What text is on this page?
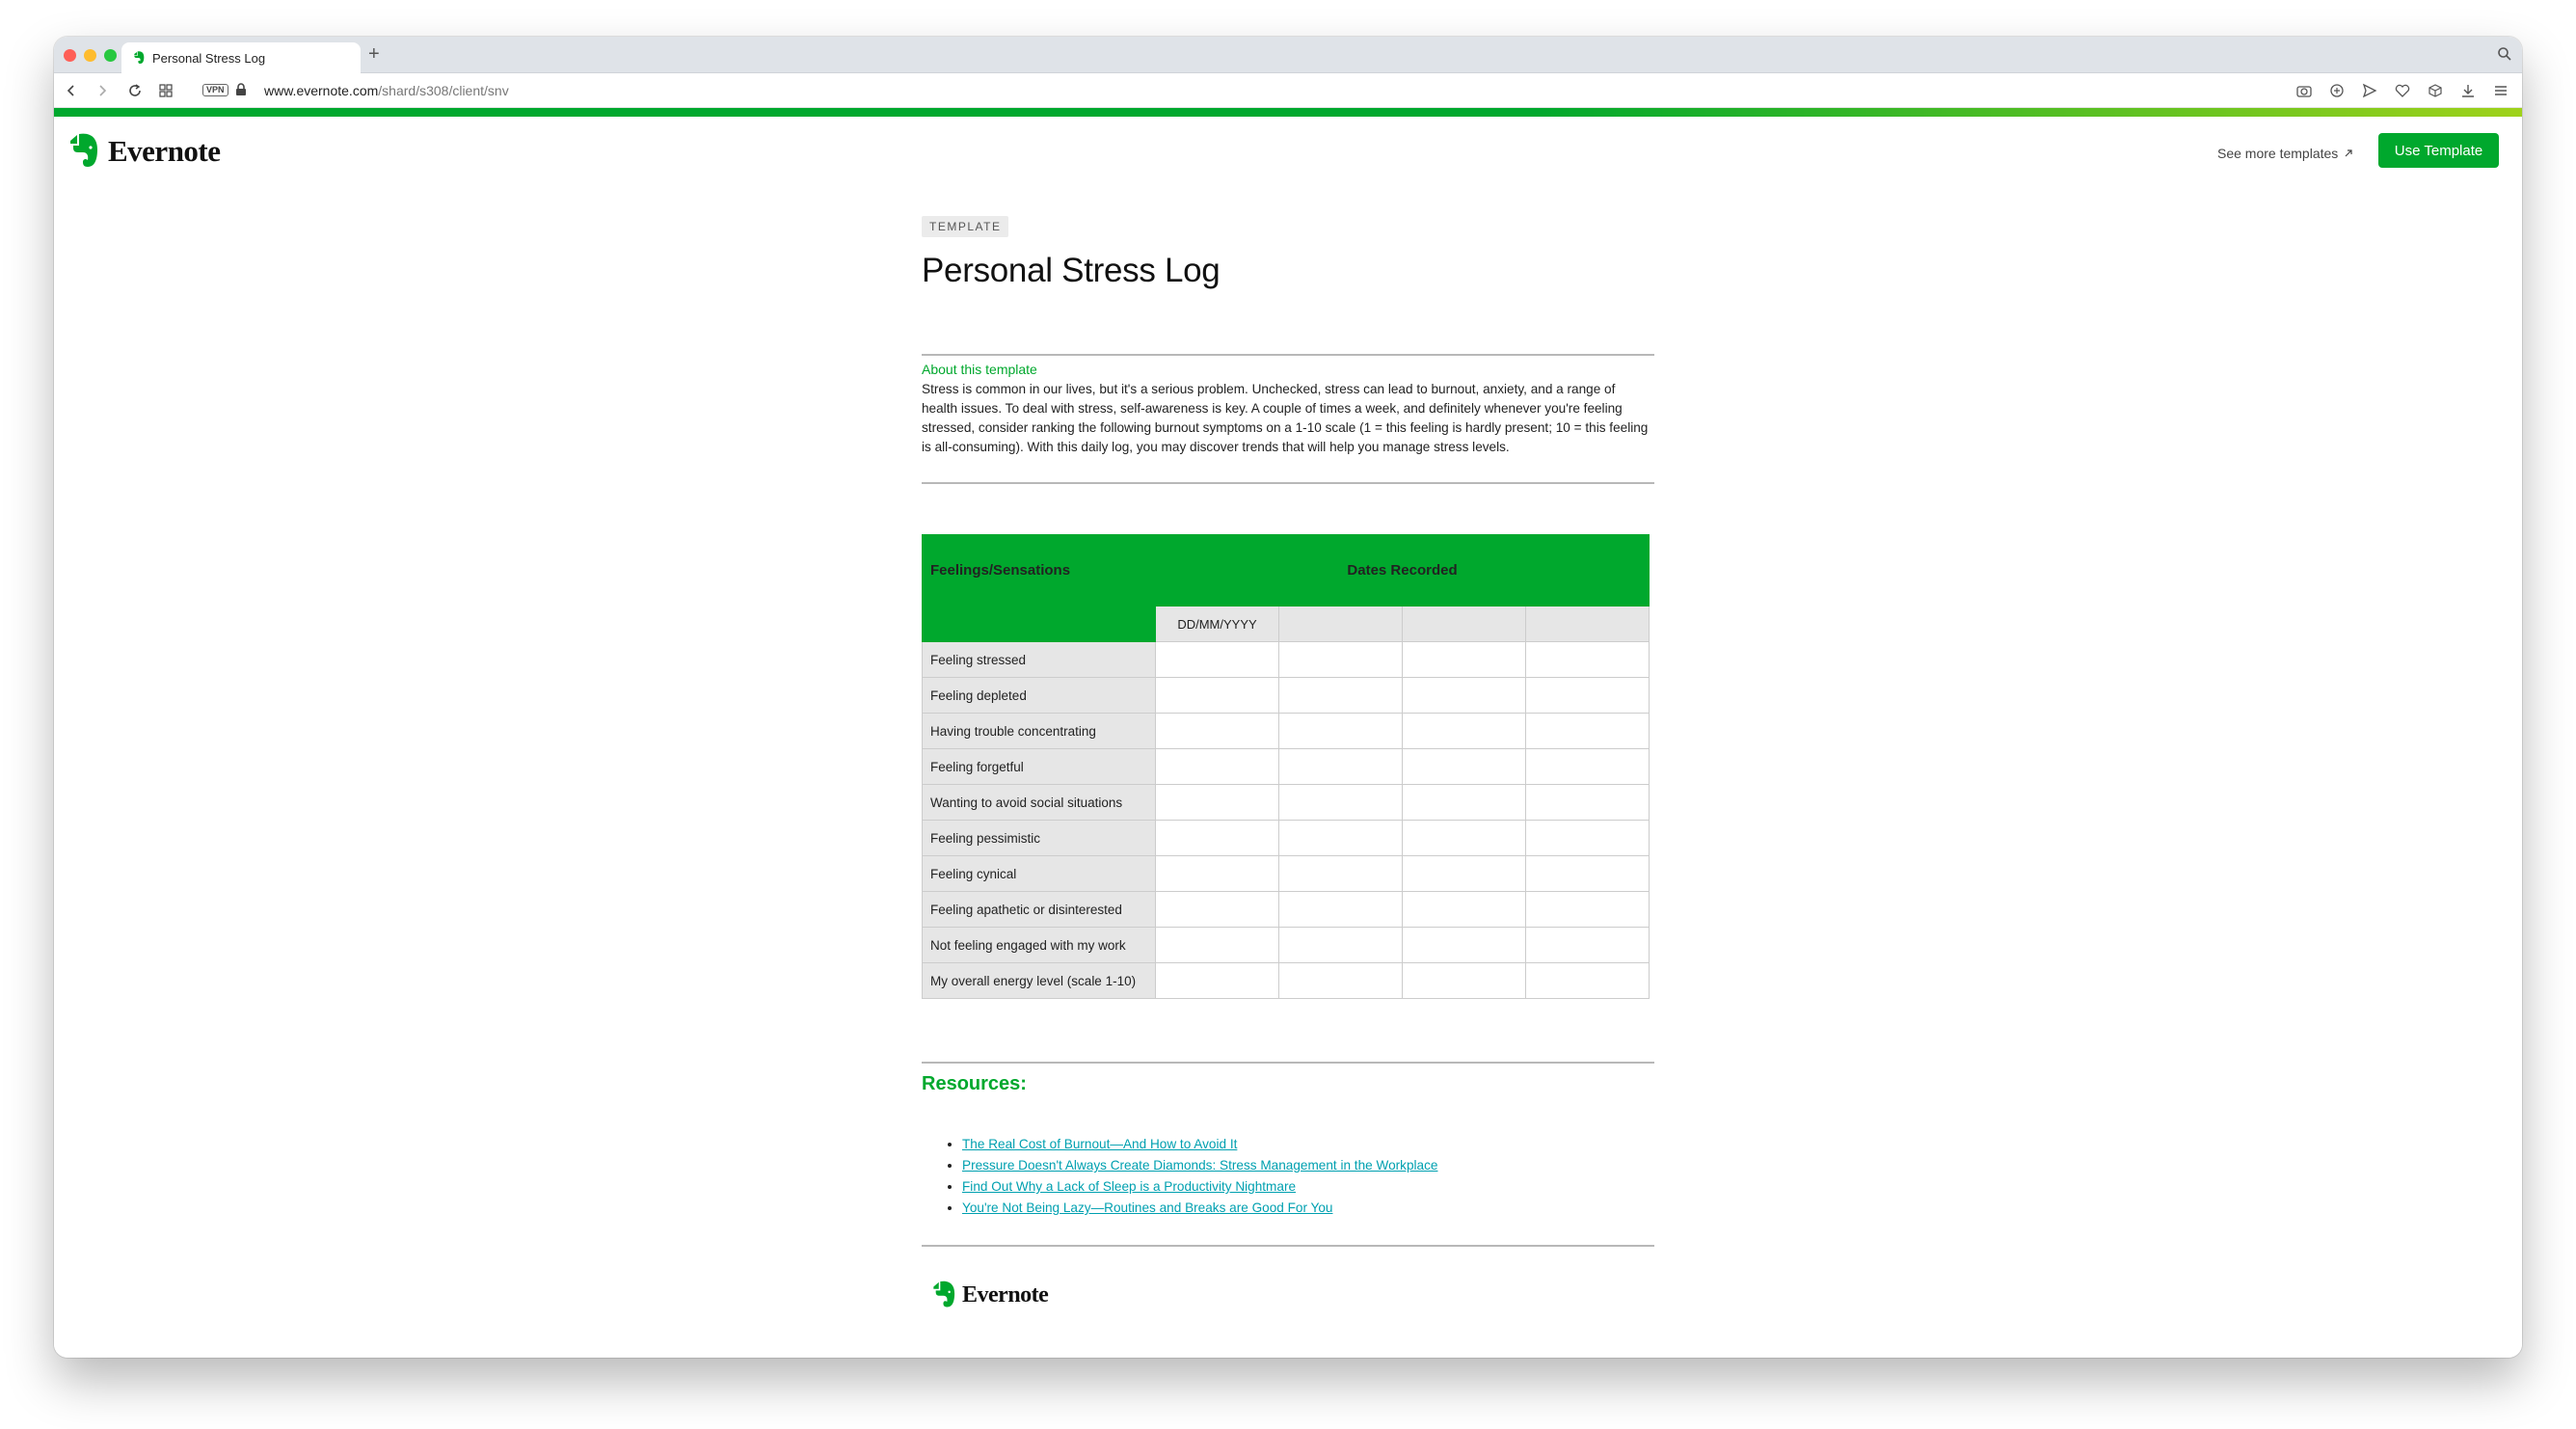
Personal Stress Log	+
VPN	www.evernote.com/shard/s308/client/snv
Evernote	See more templates	Use Template
TEMPLATE
Personal Stress Log
About this template

Stress is common in our lives, but it's a serious problem. Unchecked, stress can lead to burnout, anxiety, and a range of health issues. To deal with stress, self-awareness is key. A couple of times a week, and definitely whenever you're feeling stressed, consider ranking the following burnout symptoms on a 1-10 scale (1 = this feeling is hardly present; 10 = this feeling is all-consuming). With this daily log, you may discover trends that will help you manage stress levels.

Feelings/Sensations	Dates Recorded			
	DD/MM/YYYY			
Feeling stressed				
Feeling depleted				
Having trouble concentrating				
Feeling forgetful				
Wanting to avoid social situations				
Feeling pessimistic				
Feeling cynical				
Feeling apathetic or disinterested				
Not feeling engaged with my work				
My overall energy level (scale 1-10)				
Resources:
• The Real Cost of Burnout—And How to Avoid It
• Pressure Doesn't Always Create Diamonds: Stress Management in the Workplace
• Find Out Why a Lack of Sleep is a Productivity Nightmare
• You're Not Being Lazy—Routines and Breaks are Good For You
Evernote
